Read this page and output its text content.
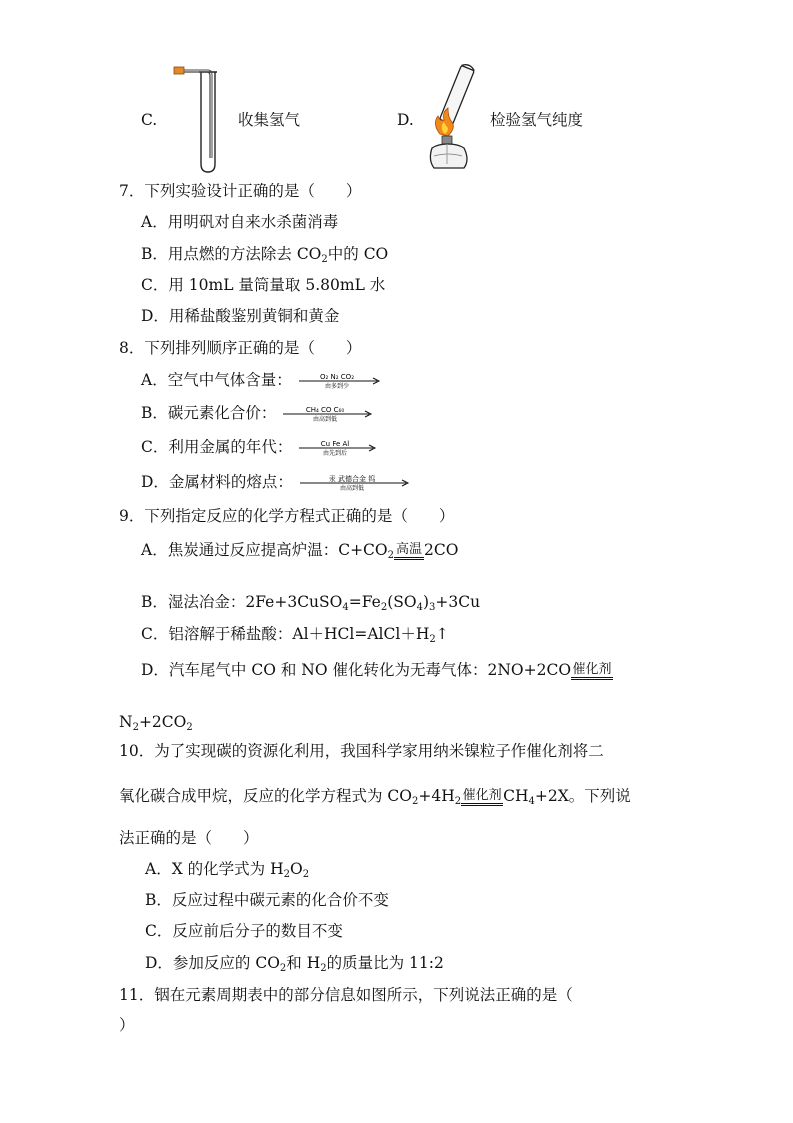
C.	收集氢气	D.	检验氢气纯度
7．下列实验设计正确的是（　　）
A．用明矾对自来水杀菌消毒
B．用点燃的方法除去 $CO_2$中的 CO
C．用 10mL 量筒量取 5.80mL 水
D．用稀盐酸鉴别黄铜和黄金
8．下列排列顺序正确的是（　　）
A．空气中气体含量：	O₂ N₂ CO₂
由多到少
B．碳元素化合价：	CH₄ CO C₆₀
由高到低
C．利用金属的年代：	Cu Fe Al
由先到后
D．金属材料的熔点：	汞 武德合金 钨
由高到低
9．下列指定反应的化学方程式正确的是（　　）
A．焦炭通过反应提高炉温：$C+CO_2$ 高温 2CO
B．湿法冶金：$2Fe+3CuSO_4=Fe_2(SO_4)_3+3Cu$
C．铝溶解于稀盐酸：$Al+HCl=AlCl+H_2↑$
D．汽车尾气中 CO 和 NO 催化转化为无毒气体：2NO+2CO 催化剂
$N_2+2CO_2$
10．为了实现碳的资源化利用，我国科学家用纳米镍粒子作催化剂将二
氧化碳合成甲烷，反应的化学方程式为 $CO_2+4H_2$ 催化剂 $CH_4+2X$。下列说
法正确的是（　　）
A．X 的化学式为 $H_2O_2$
B．反应过程中碳元素的化合价不变
C．反应前后分子的数目不变
D．参加反应的 $CO_2$和 $H_2$的质量比为 11:2
11．铟在元素周期表中的部分信息如图所示，下列说法正确的是（
）
